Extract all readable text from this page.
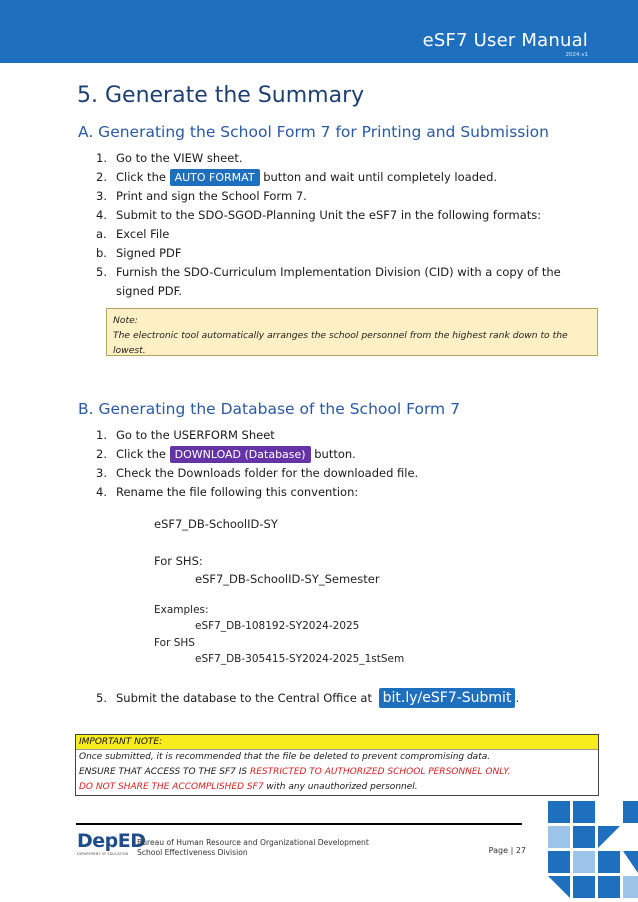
eSF7 User Manual
2024.v1
5. Generate the Summary
A. Generating the School Form 7 for Printing and Submission
1. Go to the VIEW sheet.
2. Click the AUTO FORMAT button and wait until completely loaded.
3. Print and sign the School Form 7.
4. Submit to the SDO-SGOD-Planning Unit the eSF7 in the following formats:
a. Excel File
b. Signed PDF
5. Furnish the SDO-Curriculum Implementation Division (CID) with a copy of the
signed PDF.
Note:
The electronic tool automatically arranges the school personnel from the highest rank down to the
lowest.
B. Generating the Database of the School Form 7
1. Go to the USERFORM Sheet
2. Click the DOWNLOAD (Database) button.
3. Check the Downloads folder for the downloaded file.
4. Rename the file following this convention:
eSF7_DB-SchoolID-SY
For SHS:
eSF7_DB-SchoolID-SY_Semester
Examples:
eSF7_DB-108192-SY2024-2025
For SHS
eSF7_DB-305415-SY2024-2025_1stSem
5. Submit the database to the Central Office at bit.ly/eSF7-Submit .
IMPORTANT NOTE:
Once submitted, it is recommended that the file be deleted to prevent compromising data.
ENSURE THAT ACCESS TO THE SF7 IS RESTRICTED TO AUTHORIZED SCHOOL PERSONNEL ONLY.
DO NOT SHARE THE ACCOMPLISHED SF7 with any unauthorized personnel.
DepED
DEPARTMENT OF EDUCATION
Bureau of Human Resource and Organizational Development
School Effectiveness Division	Page | 27
